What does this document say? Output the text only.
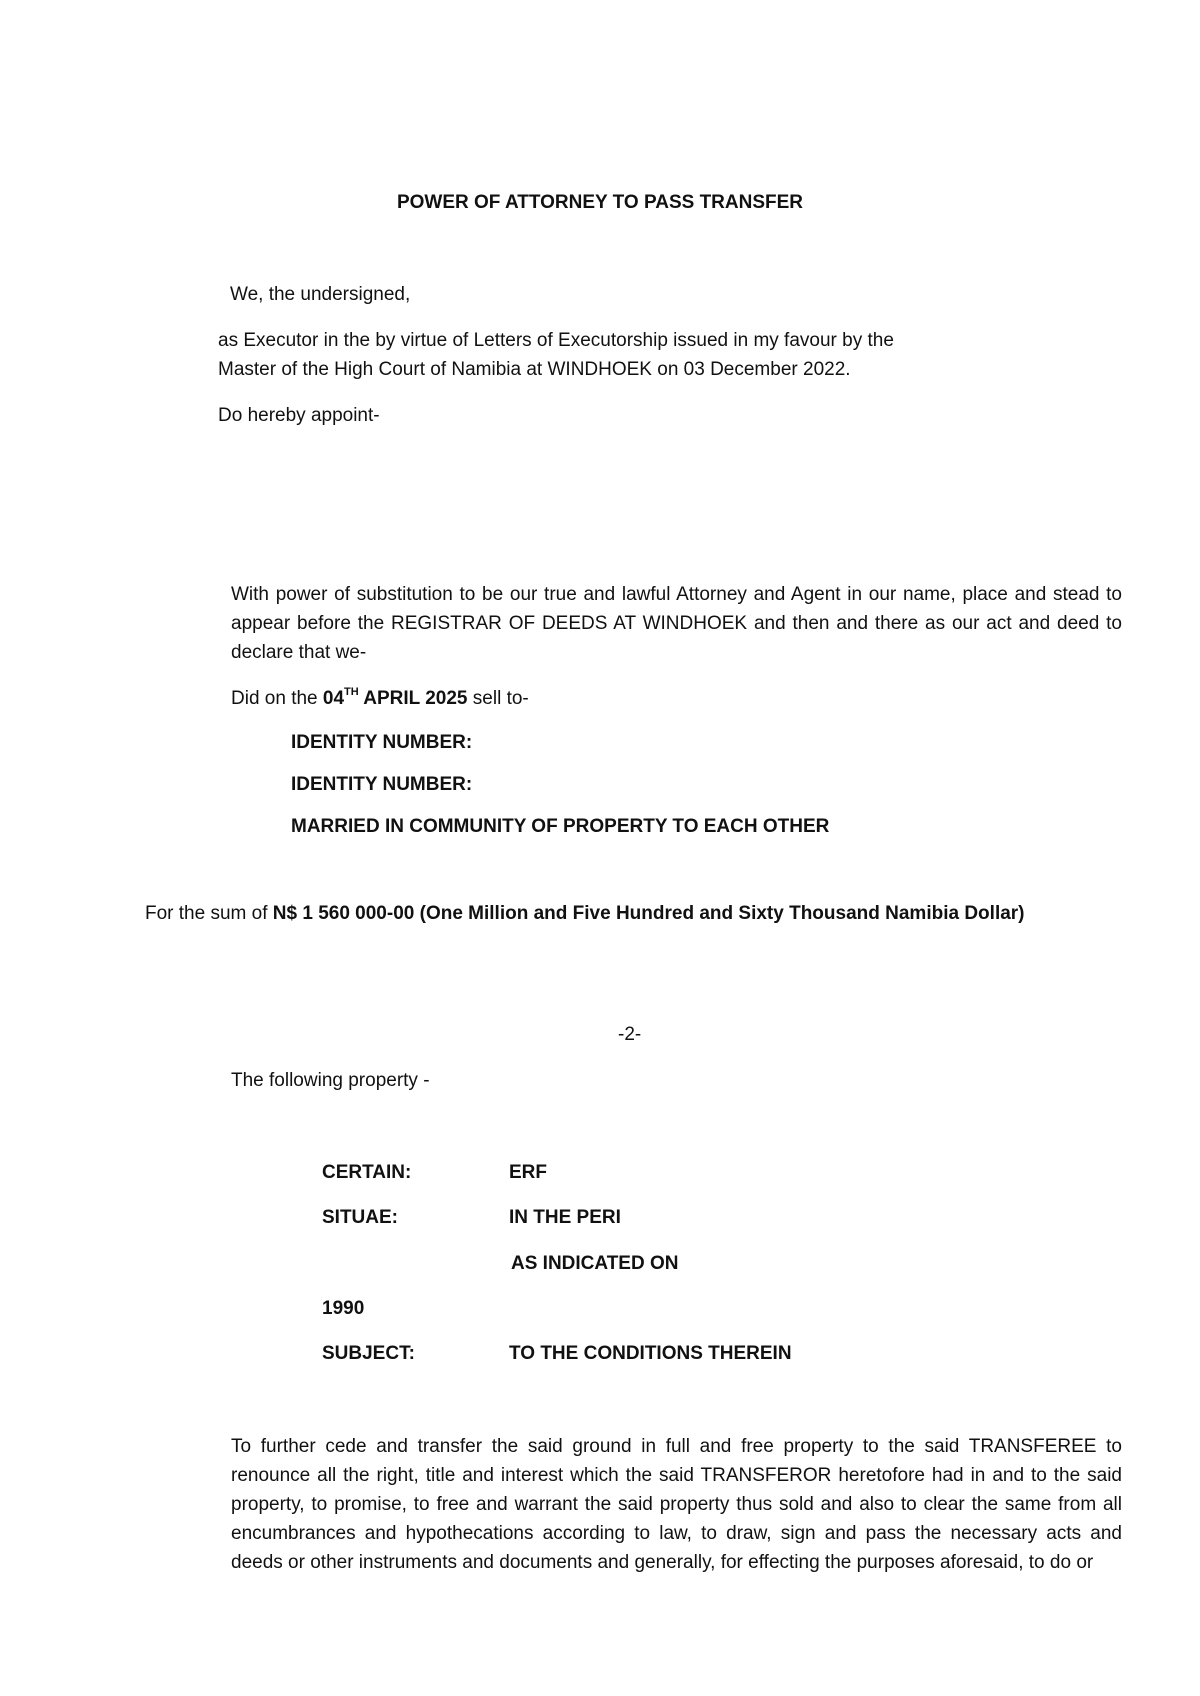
POWER OF ATTORNEY TO PASS TRANSFER

We, the undersigned,

as Executor in the by virtue of Letters of Executorship issued in my favour by the

Master of the High Court of Namibia at WINDHOEK on 03 December 2022.

Do hereby appoint-

With power of substitution to be our true and lawful Attorney and Agent in our name, place and stead to appear before the REGISTRAR OF DEEDS AT WINDHOEK and then and there as our act and deed to declare that we-

Did on the 04TH APRIL 2025 sell to-

IDENTITY NUMBER:

IDENTITY NUMBER:

MARRIED IN COMMUNITY OF PROPERTY TO EACH OTHER

For the sum of N$ 1 560 000-00 (One Million and Five Hundred and Sixty Thousand Namibia Dollar)

-2-

The following property -

CERTAIN:	ERF

SITUAE:	IN THE PERI

AS INDICATED ON

1990

SUBJECT:	TO THE CONDITIONS THEREIN

To further cede and transfer the said ground in full and free property to the said TRANSFEREE to renounce all the right, title and interest which the said TRANSFEROR heretofore had in and to the said property, to promise, to free and warrant the said property thus sold and also to clear the same from all encumbrances and hypothecations according to law, to draw, sign and pass the necessary acts and deeds or other instruments and documents and generally, for effecting the purposes aforesaid, to do or
